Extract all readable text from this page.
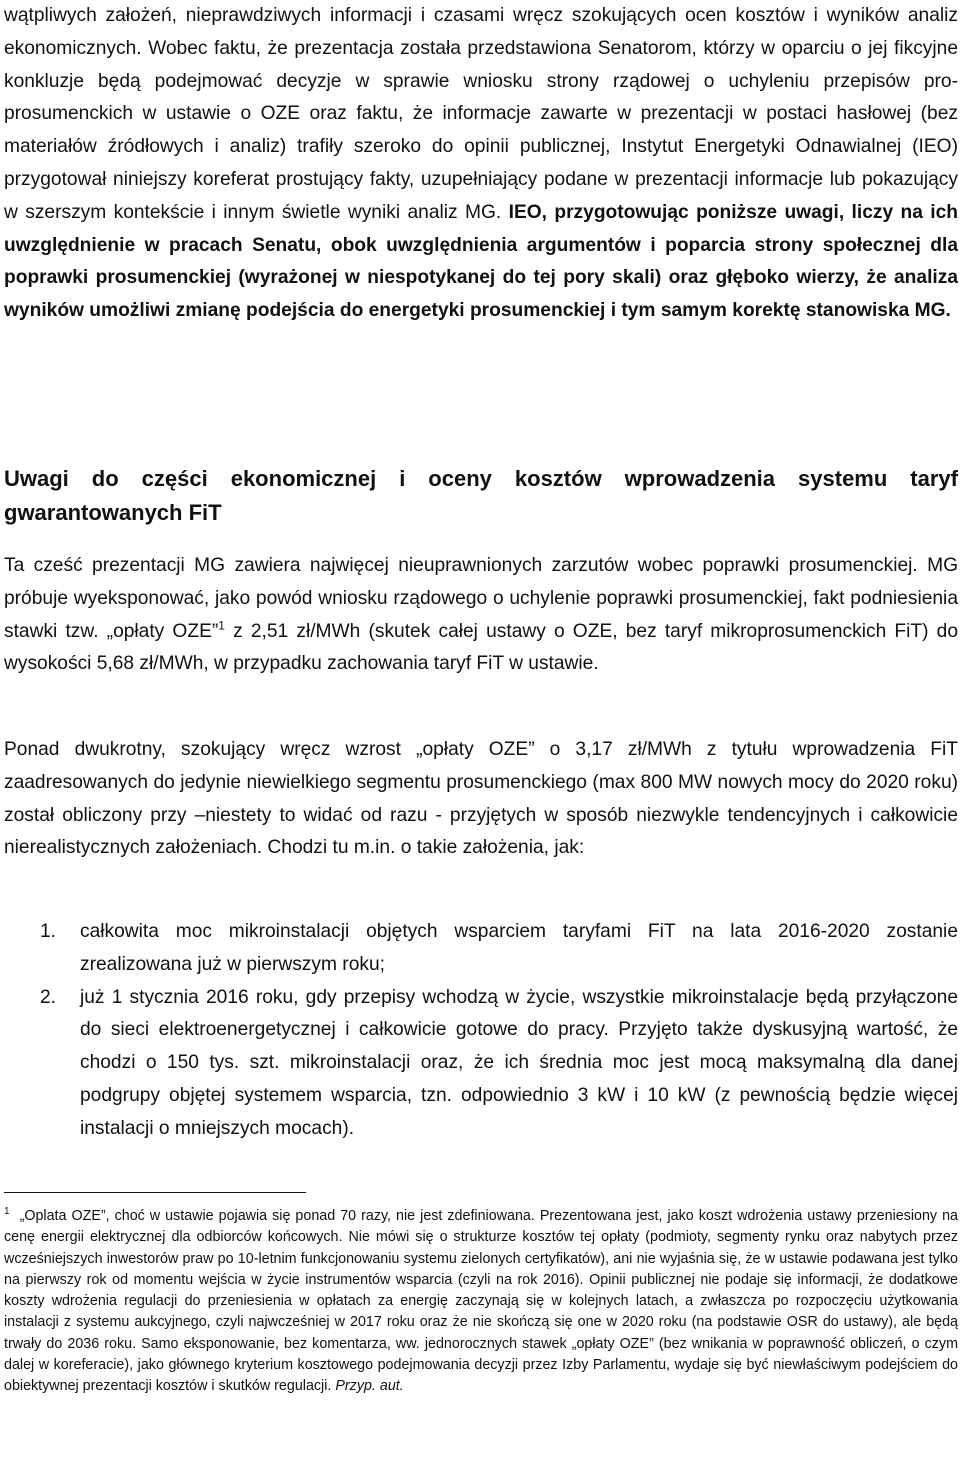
wątpliwych założeń, nieprawdziwych informacji i czasami wręcz szokujących ocen kosztów i wyników analiz ekonomicznych. Wobec faktu, że prezentacja została przedstawiona Senatorom, którzy w oparciu o jej fikcyjne konkluzje będą podejmować decyzje w sprawie wniosku strony rządowej o uchyleniu przepisów pro-prosumenckich w ustawie o OZE oraz faktu, że informacje zawarte w prezentacji w postaci hasłowej (bez materiałów źródłowych i analiz) trafiły szeroko do opinii publicznej, Instytut Energetyki Odnawialnej (IEO) przygotował niniejszy koreferat prostujący fakty, uzupełniający podane w prezentacji informacje lub pokazujący w szerszym kontekście i innym świetle wyniki analiz MG. IEO, przygotowując poniższe uwagi, liczy na ich uwzględnienie w pracach Senatu, obok uwzględnienia argumentów i poparcia strony społecznej dla poprawki prosumenckiej (wyrażonej w niespotykanej do tej pory skali) oraz głęboko wierzy, że analiza wyników umożliwi zmianę podejścia do energetyki prosumenckiej i tym samym korektę stanowiska MG.

Uwagi do części ekonomicznej i oceny kosztów wprowadzenia systemu taryf gwarantowanych FiT

Ta cześć prezentacji MG zawiera najwięcej nieuprawnionych zarzutów wobec poprawki prosumenckiej. MG próbuje wyeksponować, jako powód wniosku rządowego o uchylenie poprawki prosumenckiej, fakt podniesienia stawki tzw. „opłaty OZE”$^1$ z 2,51 zł/MWh (skutek całej ustawy o OZE, bez taryf mikroprosumenckich FiT) do wysokości 5,68 zł/MWh, w przypadku zachowania taryf FiT w ustawie.

Ponad dwukrotny, szokujący wręcz wzrost „opłaty OZE” o 3,17 zł/MWh z tytułu wprowadzenia FiT zaadresowanych do jedynie niewielkiego segmentu prosumenckiego (max 800 MW nowych mocy do 2020 roku) został obliczony przy –niestety to widać od razu - przyjętych w sposób niezwykle tendencyjnych i całkowicie nierealistycznych założeniach. Chodzi tu m.in. o takie założenia, jak:

1. całkowita moc mikroinstalacji objętych wsparciem taryfami FiT na lata 2016-2020 zostanie zrealizowana już w pierwszym roku;
2. już 1 stycznia 2016 roku, gdy przepisy wchodzą w życie, wszystkie mikroinstalacje będą przyłączone do sieci elektroenergetycznej i całkowicie gotowe do pracy. Przyjęto także dyskusyjną wartość, że chodzi o 150 tys. szt. mikroinstalacji oraz, że ich średnia moc jest mocą maksymalną dla danej podgrupy objętej systemem wsparcia, tzn. odpowiednio 3 kW i 10 kW (z pewnością będzie więcej instalacji o mniejszych mocach).

$^1$ „Oplata OZE”, choć w ustawie pojawia się ponad 70 razy, nie jest zdefiniowana. Prezentowana jest, jako koszt wdrożenia ustawy przeniesiony na cenę energii elektrycznej dla odbiorców końcowych. Nie mówi się o strukturze kosztów tej opłaty (podmioty, segmenty rynku oraz nabytych przez wcześniejszych inwestorów praw po 10-letnim funkcjonowaniu systemu zielonych certyfikatów), ani nie wyjaśnia się, że w ustawie podawana jest tylko na pierwszy rok od momentu wejścia w życie instrumentów wsparcia (czyli na rok 2016). Opinii publicznej nie podaje się informacji, że dodatkowe koszty wdrożenia regulacji do przeniesienia w opłatach za energię zaczynają się w kolejnych latach, a zwłaszcza po rozpoczęciu użytkowania instalacji z systemu aukcyjnego, czyli najwcześniej w 2017 roku oraz że nie skończą się one w 2020 roku (na podstawie OSR do ustawy), ale będą trwały do 2036 roku. Samo eksponowanie, bez komentarza, ww. jednorocznych stawek „opłaty OZE” (bez wnikania w poprawność obliczeń, o czym dalej w koreferacie), jako głównego kryterium kosztowego podejmowania decyzji przez Izby Parlamentu, wydaje się być niewłaściwym podejściem do obiektywnej prezentacji kosztów i skutków regulacji. Przyp. aut.
